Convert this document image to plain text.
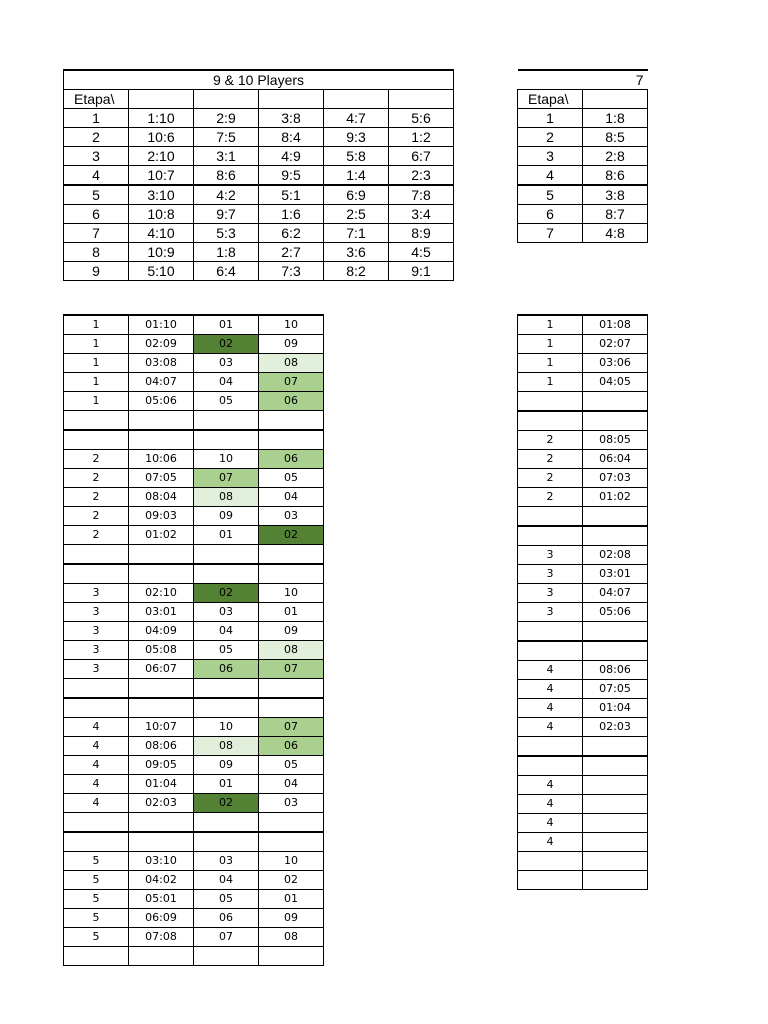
9 & 10 Players					
Etapa\					
1	1:10	2:9	3:8	4:7	5:6
2	10:6	7:5	8:4	9:3	1:2
3	2:10	3:1	4:9	5:8	6:7
4	10:7	8:6	9:5	1:4	2:3
5	3:10	4:2	5:1	6:9	7:8
6	10:8	9:7	1:6	2:5	3:4
7	4:10	5:3	6:2	7:1	8:9
8	10:9	1:8	2:7	3:6	4:5
9	5:10	6:4	7:3	8:2	9:1
7	
Etapa\	
1	1:8
2	8:5
3	2:8
4	8:6
5	3:8
6	8:7
7	4:8
1	01:10	01	10
1	02:09	02	09
1	03:08	03	08
1	04:07	04	07
1	05:06	05	06

2	10:06	10	06
2	07:05	07	05
2	08:04	08	04
2	09:03	09	03
2	01:02	01	02

3	02:10	02	10
3	03:01	03	01
3	04:09	04	09
3	05:08	05	08
3	06:07	06	07

4	10:07	10	07
4	08:06	08	06
4	09:05	09	05
4	01:04	01	04
4	02:03	02	03

5	03:10	03	10
5	04:02	04	02
5	05:01	05	01
5	06:09	06	09
5	07:08	07	08

1	01:08
1	02:07
1	03:06
1	04:05

2	08:05
2	06:04
2	07:03
2	01:02

3	02:08
3	03:01
3	04:07
3	05:06

4	08:06
4	07:05
4	01:04
4	02:03

4	
4	
4	
4	
